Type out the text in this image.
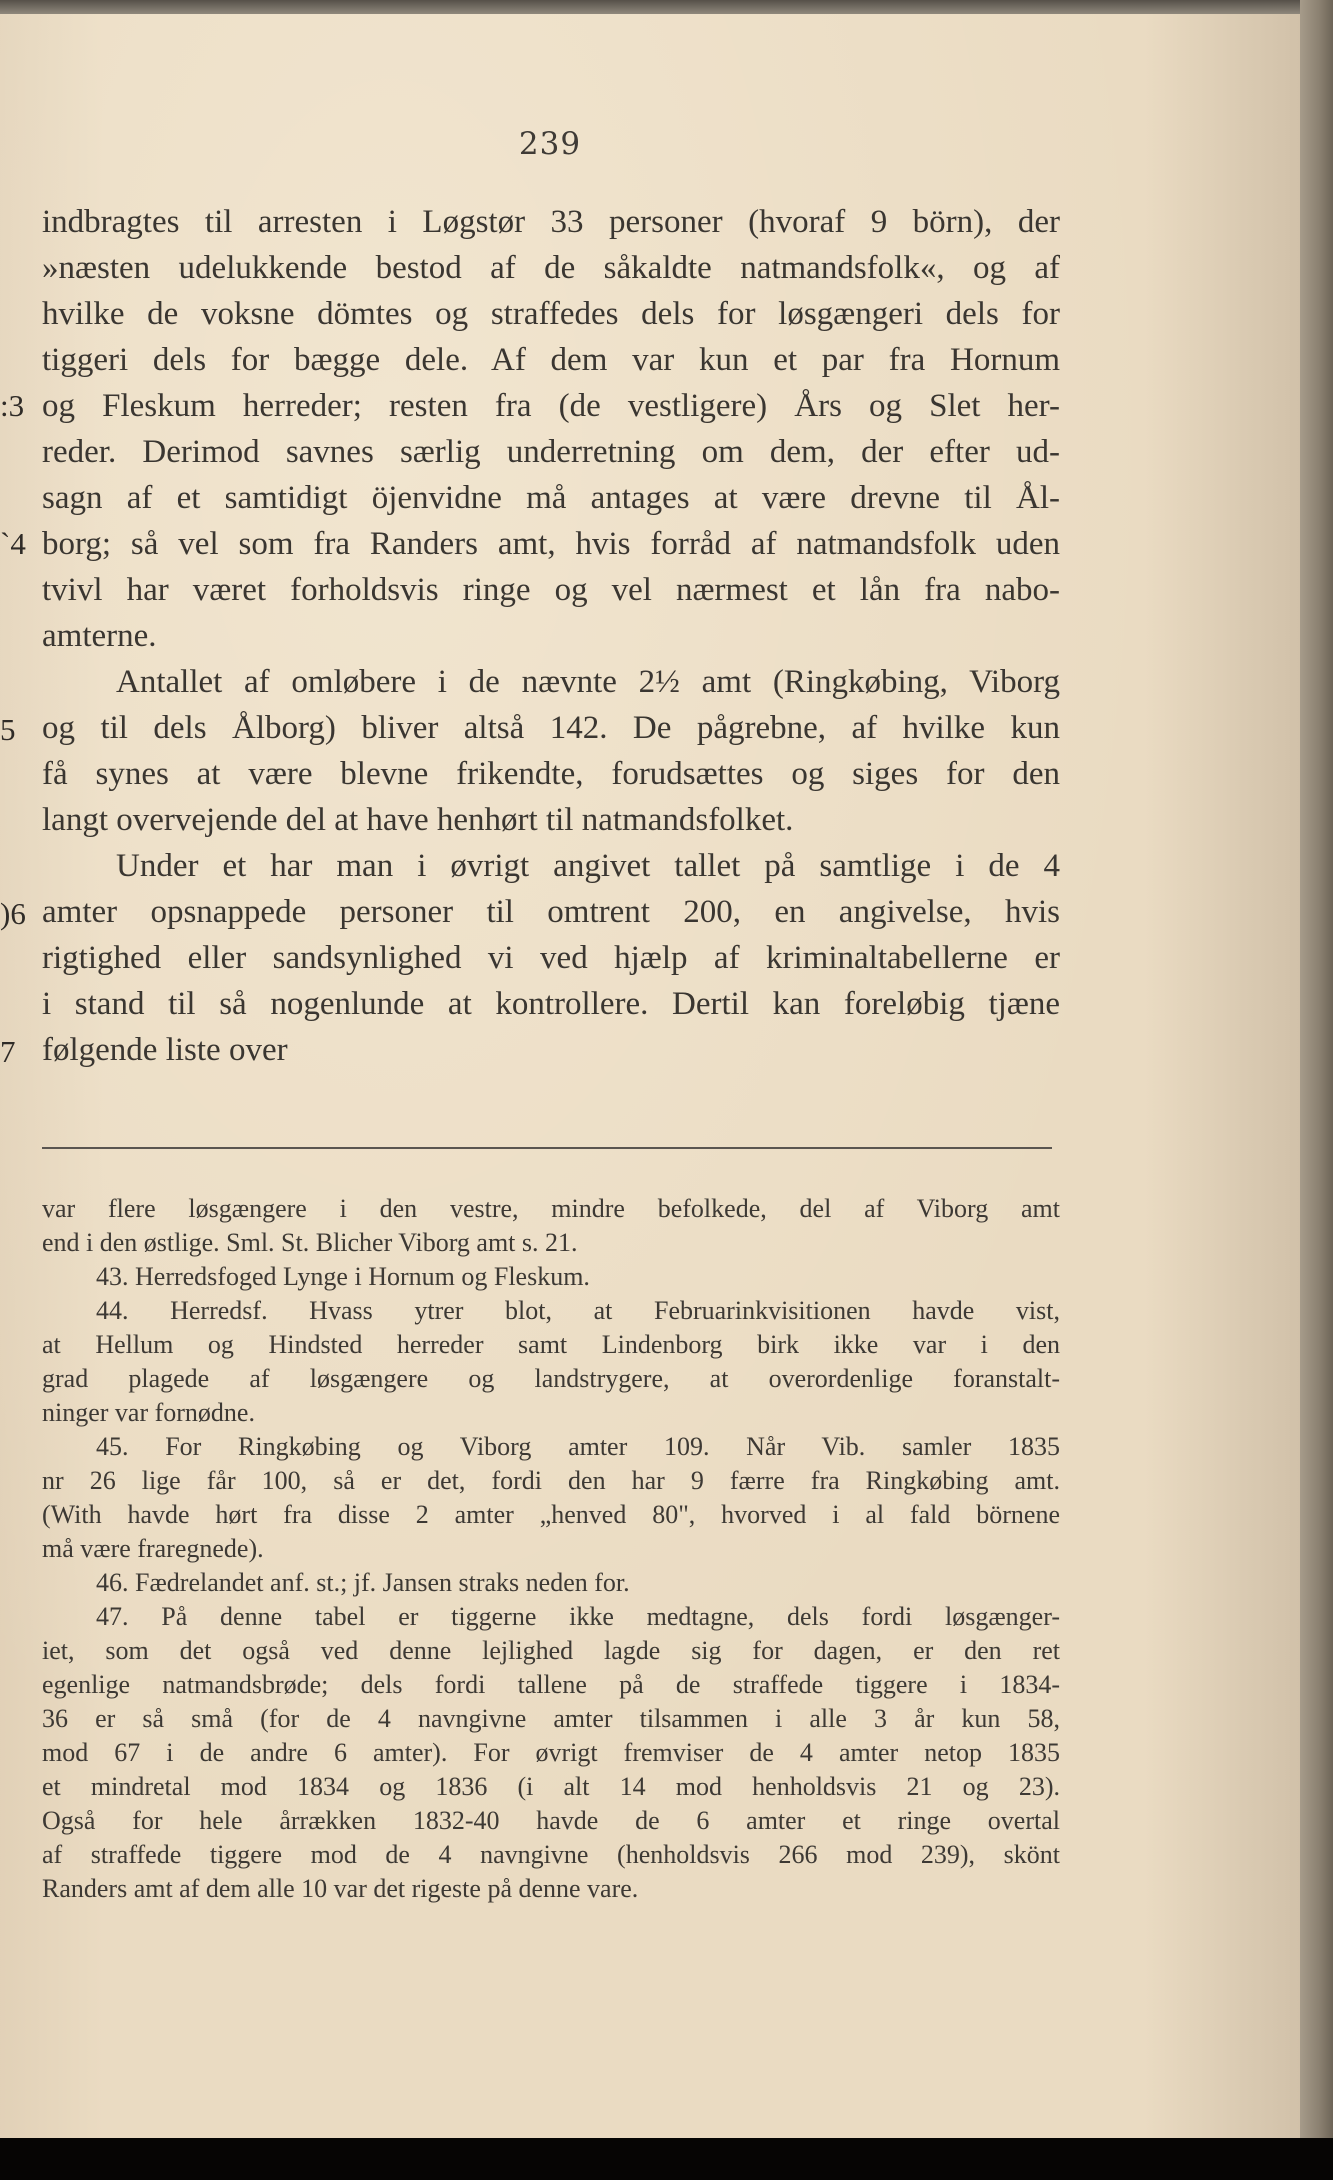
239
indbragtes til arresten i Løgstør 33 personer (hvoraf 9 börn), der
»næsten udelukkende bestod af de såkaldte natmandsfolk«, og af
hvilke de voksne dömtes og straffedes dels for løsgængeri dels for
tiggeri dels for bægge dele. Af dem var kun et par fra Hornum
og Fleskum herreder; resten fra (de vestligere) Års og Slet her-
reder. Derimod savnes særlig underretning om dem, der efter ud-
sagn af et samtidigt öjenvidne må antages at være drevne til Ål-
borg; så vel som fra Randers amt, hvis forråd af natmandsfolk uden
tvivl har været forholdsvis ringe og vel nærmest et lån fra nabo-
amterne.
Antallet af omløbere i de nævnte 2½ amt (Ringkøbing, Viborg
og til dels Ålborg) bliver altså 142. De pågrebne, af hvilke kun
få synes at være blevne frikendte, forudsættes og siges for den
langt overvejende del at have henhørt til natmandsfolket.
Under et har man i øvrigt angivet tallet på samtlige i de 4
amter opsnappede personer til omtrent 200, en angivelse, hvis
rigtighed eller sandsynlighed vi ved hjælp af kriminaltabellerne er
i stand til så nogenlunde at kontrollere. Dertil kan foreløbig tjæne
følgende liste over
:3
`4
5
)6
7
var flere løsgængere i den vestre, mindre befolkede, del af Viborg amt
end i den østlige. Sml. St. Blicher Viborg amt s. 21.
43. Herredsfoged Lynge i Hornum og Fleskum.
44. Herredsf. Hvass ytrer blot, at Februarinkvisitionen havde vist,
at Hellum og Hindsted herreder samt Lindenborg birk ikke var i den
grad plagede af løsgængere og landstrygere, at overordenlige foranstalt-
ninger var fornødne.
45. For Ringkøbing og Viborg amter 109. Når Vib. samler 1835
nr 26 lige får 100, så er det, fordi den har 9 færre fra Ringkøbing amt.
(With havde hørt fra disse 2 amter „henved 80", hvorved i al fald börnene
må være fraregnede).
46. Fædrelandet anf. st.; jf. Jansen straks neden for.
47. På denne tabel er tiggerne ikke medtagne, dels fordi løsgænger-
iet, som det også ved denne lejlighed lagde sig for dagen, er den ret
egenlige natmandsbrøde; dels fordi tallene på de straffede tiggere i 1834-
36 er så små (for de 4 navngivne amter tilsammen i alle 3 år kun 58,
mod 67 i de andre 6 amter). For øvrigt fremviser de 4 amter netop 1835
et mindretal mod 1834 og 1836 (i alt 14 mod henholdsvis 21 og 23).
Også for hele årrækken 1832-40 havde de 6 amter et ringe overtal
af straffede tiggere mod de 4 navngivne (henholdsvis 266 mod 239), skönt
Randers amt af dem alle 10 var det rigeste på denne vare.
